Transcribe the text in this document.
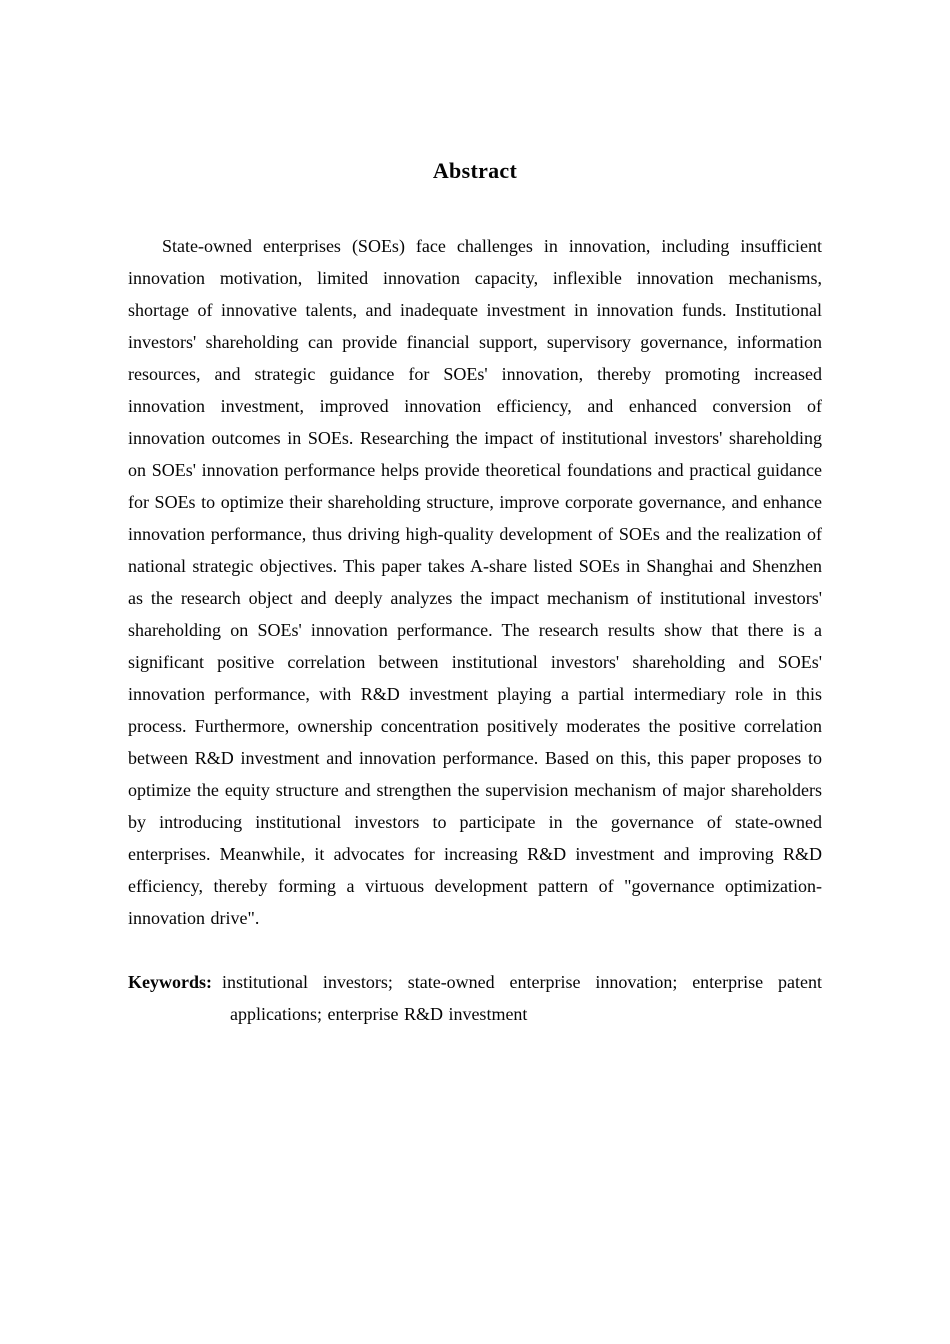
Abstract

State-owned enterprises (SOEs) face challenges in innovation, including insufficient innovation motivation, limited innovation capacity, inflexible innovation mechanisms, shortage of innovative talents, and inadequate investment in innovation funds. Institutional investors' shareholding can provide financial support, supervisory governance, information resources, and strategic guidance for SOEs' innovation, thereby promoting increased innovation investment, improved innovation efficiency, and enhanced conversion of innovation outcomes in SOEs. Researching the impact of institutional investors' shareholding on SOEs' innovation performance helps provide theoretical foundations and practical guidance for SOEs to optimize their shareholding structure, improve corporate governance, and enhance innovation performance, thus driving high-quality development of SOEs and the realization of national strategic objectives. This paper takes A-share listed SOEs in Shanghai and Shenzhen as the research object and deeply analyzes the impact mechanism of institutional investors' shareholding on SOEs' innovation performance. The research results show that there is a significant positive correlation between institutional investors' shareholding and SOEs' innovation performance, with R&D investment playing a partial intermediary role in this process. Furthermore, ownership concentration positively moderates the positive correlation between R&D investment and innovation performance. Based on this, this paper proposes to optimize the equity structure and strengthen the supervision mechanism of major shareholders by introducing institutional investors to participate in the governance of state-owned enterprises. Meanwhile, it advocates for increasing R&D investment and improving R&D efficiency, thereby forming a virtuous development pattern of "governance optimization-innovation drive".

Keywords: institutional investors; state-owned enterprise innovation; enterprise patent applications; enterprise R&D investment
